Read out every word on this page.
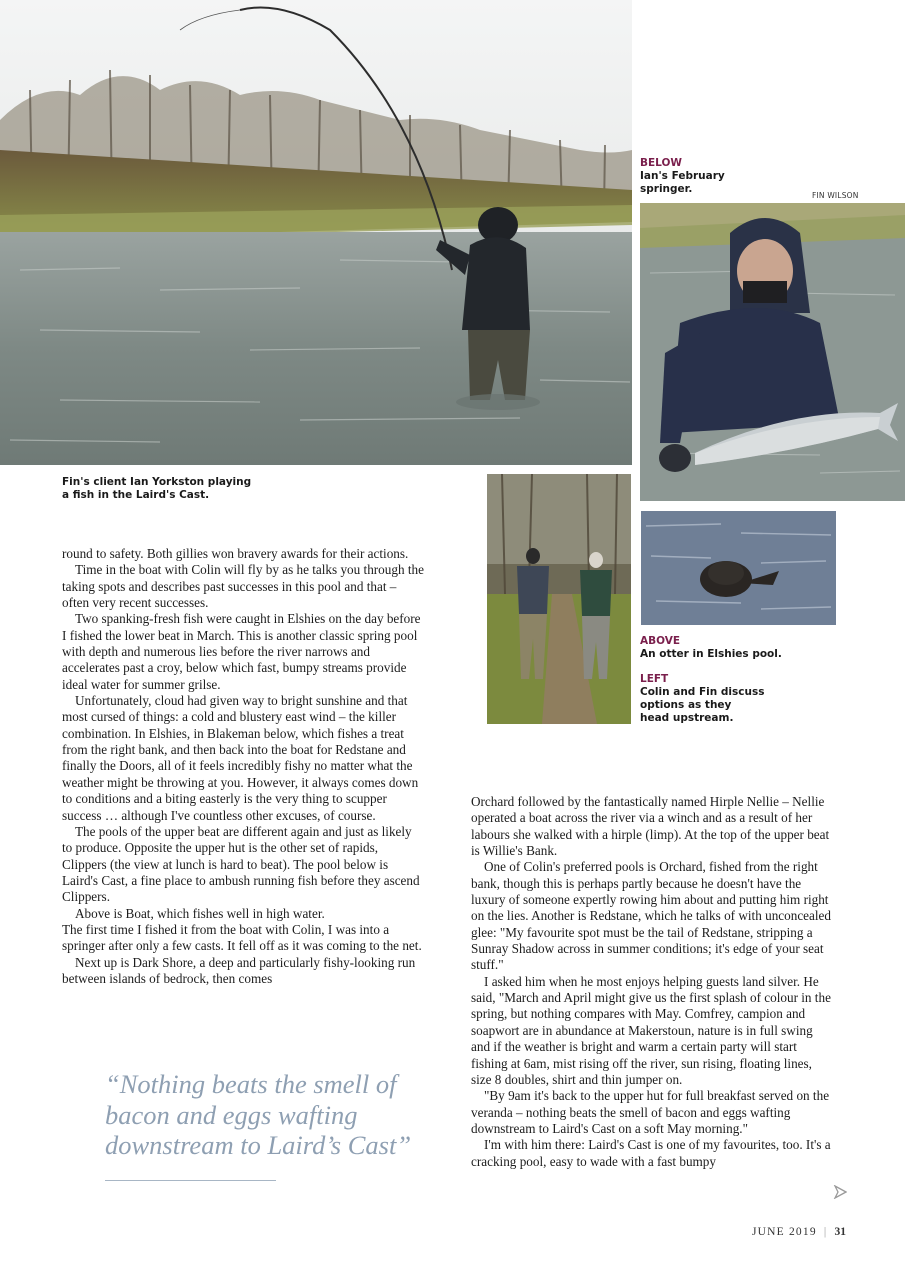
Fin's client Ian Yorkston playing
a fish in the Laird's Cast.
BELOW
Ian's February
springer.
FIN WILSON
ABOVE
An otter in Elshies pool.
LEFT
Colin and Fin discuss
options as they
head upstream.

round to safety. Both gillies won bravery awards for their actions.

Time in the boat with Colin will fly by as he talks you through the taking spots and describes past successes in this pool and that – often very recent successes.

Two spanking-fresh fish were caught in Elshies on the day before I fished the lower beat in March. This is another classic spring pool with depth and numerous lies before the river narrows and accelerates past a croy, below which fast, bumpy streams provide ideal water for summer grilse.

Unfortunately, cloud had given way to bright sunshine and that most cursed of things: a cold and blustery east wind – the killer combination. In Elshies, in Blakeman below, which fishes a treat from the right bank, and then back into the boat for Redstane and finally the Doors, all of it feels incredibly fishy no matter what the weather might be throwing at you. However, it always comes down to conditions and a biting easterly is the very thing to scupper success … although I've countless other excuses, of course.

The pools of the upper beat are different again and just as likely to produce. Opposite the upper hut is the other set of rapids, Clippers (the view at lunch is hard to beat). The pool below is Laird's Cast, a fine place to ambush running fish before they ascend Clippers.

Above is Boat, which fishes well in high water.

The first time I fished it from the boat with Colin, I was into a springer after only a few casts. It fell off as it was coming to the net.

Next up is Dark Shore, a deep and particularly fishy-looking run between islands of bedrock, then comes

Orchard followed by the fantastically named Hirple Nellie – Nellie operated a boat across the river via a winch and as a result of her labours she walked with a hirple (limp). At the top of the upper beat is Willie's Bank.

One of Colin's preferred pools is Orchard, fished from the right bank, though this is perhaps partly because he doesn't have the luxury of someone expertly rowing him about and putting him right on the lies. Another is Redstane, which he talks of with unconcealed glee: "My favourite spot must be the tail of Redstane, stripping a Sunray Shadow across in summer conditions; it's edge of your seat stuff."

I asked him when he most enjoys helping guests land silver. He said, "March and April might give us the first splash of colour in the spring, but nothing compares with May. Comfrey, campion and soapwort are in abundance at Makerstoun, nature is in full swing and if the weather is bright and warm a certain party will start fishing at 6am, mist rising off the river, sun rising, floating lines, size 8 doubles, shirt and thin jumper on.

"By 9am it's back to the upper hut for full breakfast served on the veranda – nothing beats the smell of bacon and eggs wafting downstream to Laird's Cast on a soft May morning."

I'm with him there: Laird's Cast is one of my favourites, too. It's a cracking pool, easy to wade with a fast bumpy

“Nothing beats the smell of bacon and eggs wafting downstream to Laird’s Cast”
JUNE 2019 | 31
